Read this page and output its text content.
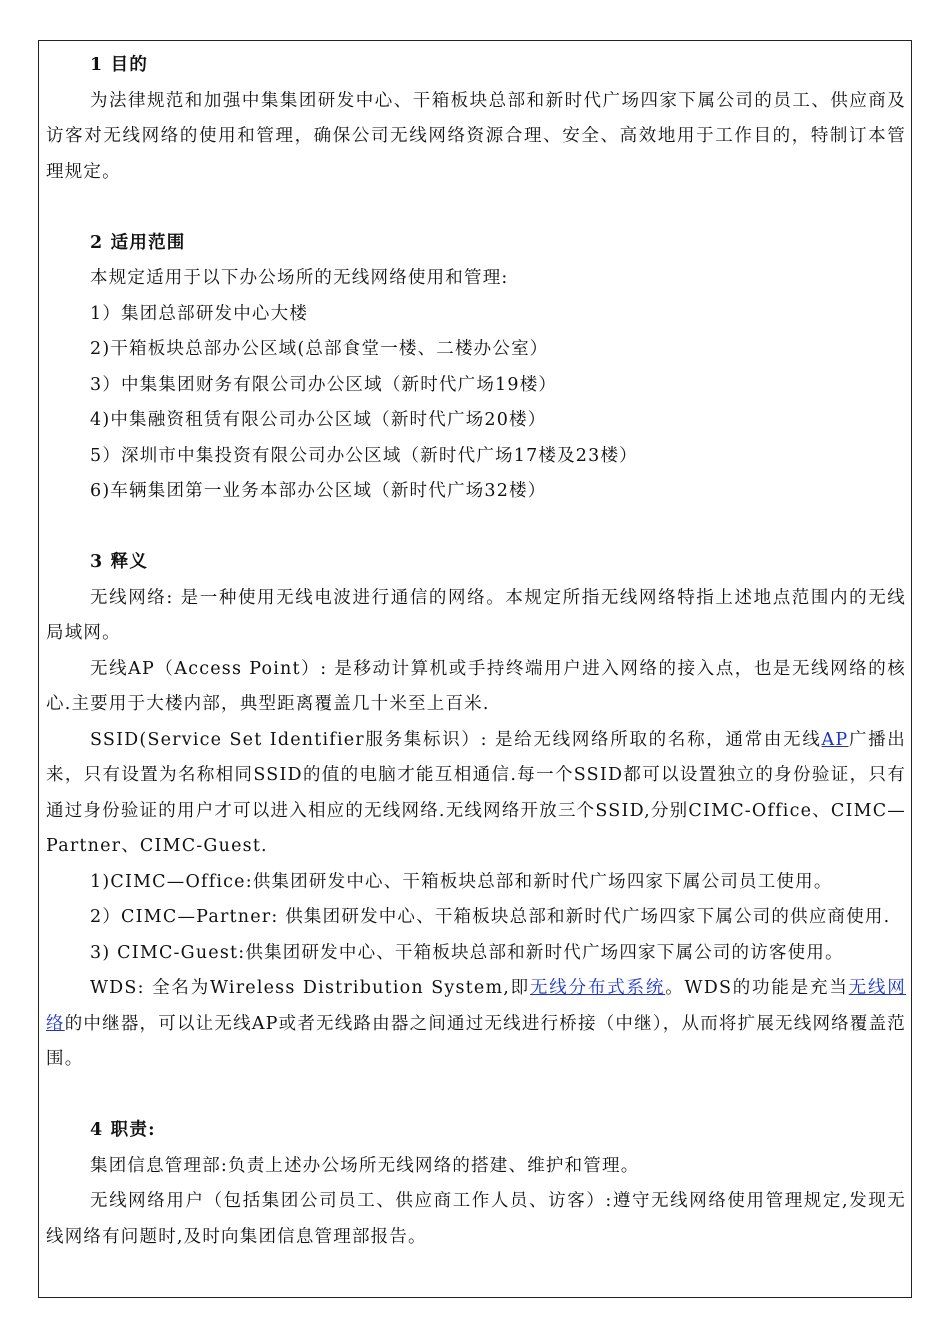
1 目的
为法律规范和加强中集集团研发中心、干箱板块总部和新时代广场四家下属公司的员工、供应商及访客对无线网络的使用和管理，确保公司无线网络资源合理、安全、高效地用于工作目的，特制订本管理规定。
2 适用范围
本规定适用于以下办公场所的无线网络使用和管理:
1）集团总部研发中心大楼
2)干箱板块总部办公区域(总部食堂一楼、二楼办公室）
3）中集集团财务有限公司办公区域（新时代广场19楼）
4)中集融资租赁有限公司办公区域（新时代广场20楼）
5）深圳市中集投资有限公司办公区域（新时代广场17楼及23楼）
6)车辆集团第一业务本部办公区域（新时代广场32楼）
3 释义
无线网络: 是一种使用无线电波进行通信的网络。本规定所指无线网络特指上述地点范围内的无线局域网。
无线AP（Access Point）: 是移动计算机或手持终端用户进入网络的接入点，也是无线网络的核心.主要用于大楼内部，典型距离覆盖几十米至上百米.
SSID(Service Set Identifier服务集标识）: 是给无线网络所取的名称，通常由无线AP广播出来，只有设置为名称相同SSID的值的电脑才能互相通信.每一个SSID都可以设置独立的身份验证，只有通过身份验证的用户才可以进入相应的无线网络.无线网络开放三个SSID,分别CIMC-Office、CIMC—Partner、CIMC-Guest.
1)CIMC—Office:供集团研发中心、干箱板块总部和新时代广场四家下属公司员工使用。
2）CIMC—Partner: 供集团研发中心、干箱板块总部和新时代广场四家下属公司的供应商使用.
3) CIMC-Guest:供集团研发中心、干箱板块总部和新时代广场四家下属公司的访客使用。
WDS: 全名为Wireless Distribution System,即无线分布式系统。WDS的功能是充当无线网络的中继器，可以让无线AP或者无线路由器之间通过无线进行桥接（中继），从而将扩展无线网络覆盖范围。
4 职责:
集团信息管理部:负责上述办公场所无线网络的搭建、维护和管理。
无线网络用户（包括集团公司员工、供应商工作人员、访客）:遵守无线网络使用管理规定,发现无线网络有问题时,及时向集团信息管理部报告。
